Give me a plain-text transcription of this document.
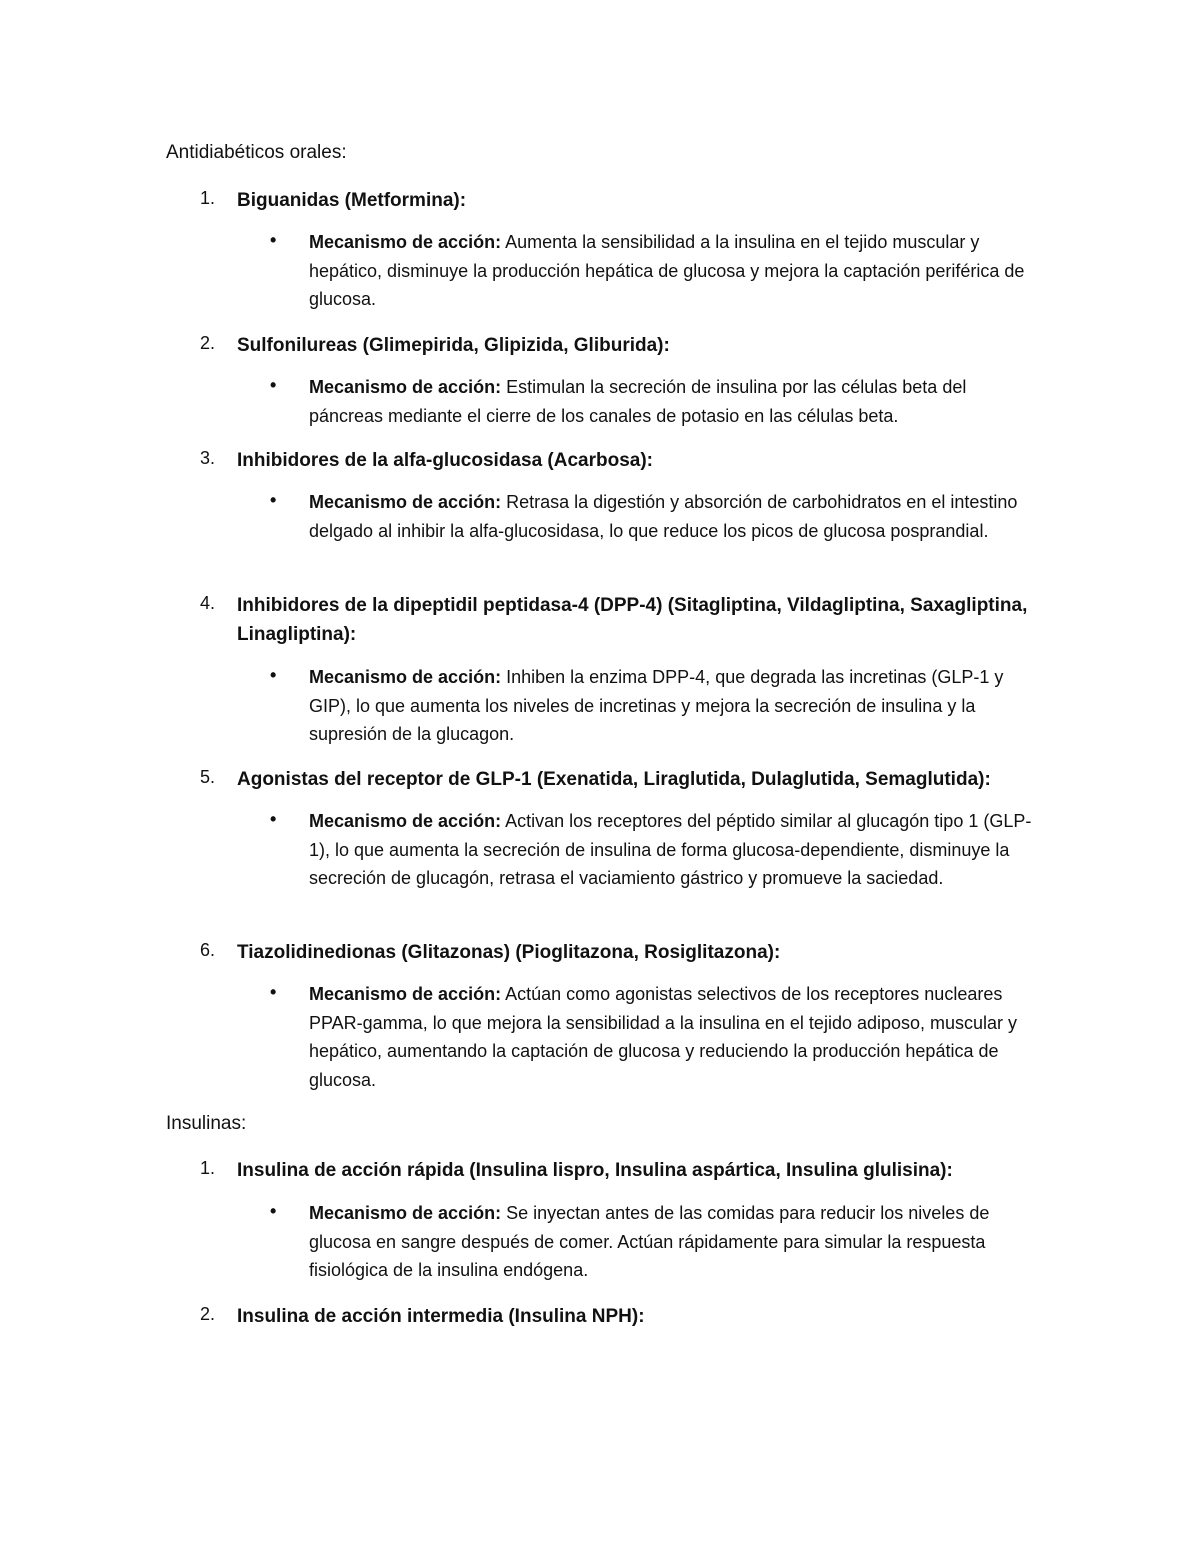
Antidiabéticos orales:
1. Biguanidas (Metformina):
• Mecanismo de acción: Aumenta la sensibilidad a la insulina en el tejido muscular y hepático, disminuye la producción hepática de glucosa y mejora la captación periférica de glucosa.
2. Sulfonilureas (Glimepirida, Glipizida, Gliburida):
• Mecanismo de acción: Estimulan la secreción de insulina por las células beta del páncreas mediante el cierre de los canales de potasio en las células beta.
3. Inhibidores de la alfa-glucosidasa (Acarbosa):
• Mecanismo de acción: Retrasa la digestión y absorción de carbohidratos en el intestino delgado al inhibir la alfa-glucosidasa, lo que reduce los picos de glucosa posprandial.
4. Inhibidores de la dipeptidil peptidasa-4 (DPP-4) (Sitagliptina, Vildagliptina, Saxagliptina, Linagliptina):
• Mecanismo de acción: Inhiben la enzima DPP-4, que degrada las incretinas (GLP-1 y GIP), lo que aumenta los niveles de incretinas y mejora la secreción de insulina y la supresión de la glucagon.
5. Agonistas del receptor de GLP-1 (Exenatida, Liraglutida, Dulaglutida, Semaglutida):
• Mecanismo de acción: Activan los receptores del péptido similar al glucagón tipo 1 (GLP-1), lo que aumenta la secreción de insulina de forma glucosa-dependiente, disminuye la secreción de glucagón, retrasa el vaciamiento gástrico y promueve la saciedad.
6. Tiazolidinedionas (Glitazonas) (Pioglitazona, Rosiglitazona):
• Mecanismo de acción: Actúan como agonistas selectivos de los receptores nucleares PPAR-gamma, lo que mejora la sensibilidad a la insulina en el tejido adiposo, muscular y hepático, aumentando la captación de glucosa y reduciendo la producción hepática de glucosa.
Insulinas:
1. Insulina de acción rápida (Insulina lispro, Insulina aspártica, Insulina glulisina):
• Mecanismo de acción: Se inyectan antes de las comidas para reducir los niveles de glucosa en sangre después de comer. Actúan rápidamente para simular la respuesta fisiológica de la insulina endógena.
2. Insulina de acción intermedia (Insulina NPH):
